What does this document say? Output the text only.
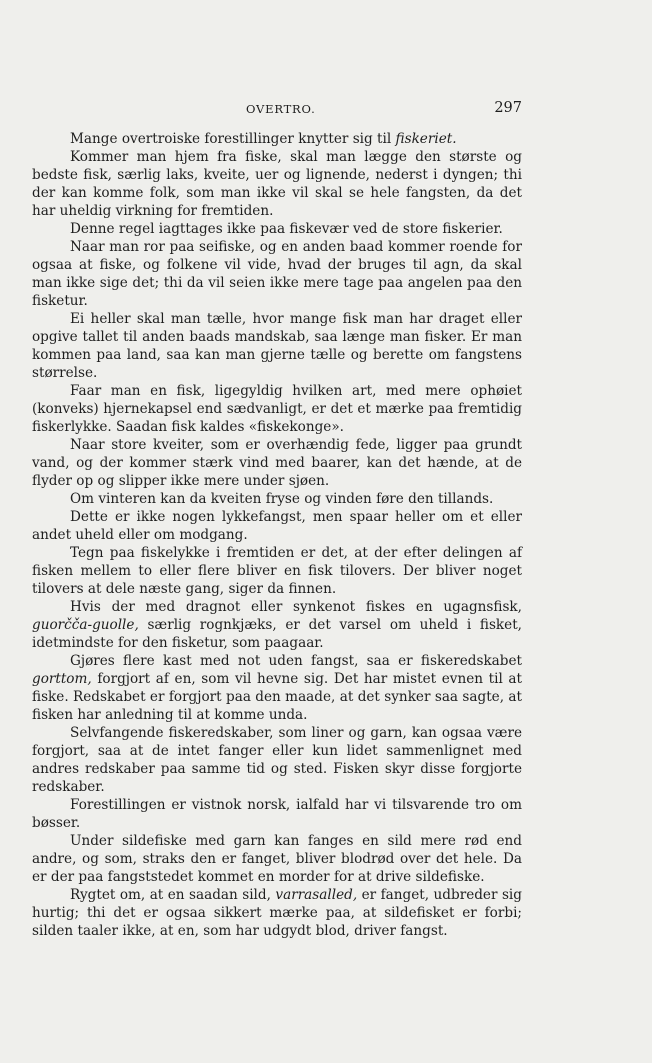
OVERTRO.	297

Mange overtroiske forestillinger knytter sig til fiskeriet.

Kommer man hjem fra fiske, skal man lægge den største og bedste fisk, særlig laks, kveite, uer og lignende, nederst i dyngen; thi der kan komme folk, som man ikke vil skal se hele fangsten, da det har uheldig virkning for fremtiden.

Denne regel iagttages ikke paa fiskevær ved de store fiskerier.

Naar man ror paa seifiske, og en anden baad kommer roende for ogsaa at fiske, og folkene vil vide, hvad der bruges til agn, da skal man ikke sige det; thi da vil seien ikke mere tage paa angelen paa den fisketur.

Ei heller skal man tælle, hvor mange fisk man har draget eller opgive tallet til anden baads mandskab, saa længe man fisker. Er man kommen paa land, saa kan man gjerne tælle og berette om fangstens størrelse.

Faar man en fisk, ligegyldig hvilken art, med mere ophøiet (konveks) hjernekapsel end sædvanligt, er det et mærke paa fremtidig fiskerlykke. Saadan fisk kaldes «fiskekonge».

Naar store kveiter, som er overhændig fede, ligger paa grundt vand, og der kommer stærk vind med baarer, kan det hænde, at de flyder op og slipper ikke mere under sjøen.

Om vinteren kan da kveiten fryse og vinden føre den tillands.

Dette er ikke nogen lykkefangst, men spaar heller om et eller andet uheld eller om modgang.

Tegn paa fiskelykke i fremtiden er det, at der efter delingen af fisken mellem to eller flere bliver en fisk tilovers. Der bliver noget tilovers at dele næste gang, siger da finnen.

Hvis der med dragnot eller synkenot fiskes en ugagnsfisk, guorčča-guolle, særlig rognkjæks, er det varsel om uheld i fisket, idetmindste for den fisketur, som paagaar.

Gjøres flere kast med not uden fangst, saa er fiskeredskabet gorttom, forgjort af en, som vil hevne sig. Det har mistet evnen til at fiske. Redskabet er forgjort paa den maade, at det synker saa sagte, at fisken har anledning til at komme unda.

Selvfangende fiskeredskaber, som liner og garn, kan ogsaa være forgjort, saa at de intet fanger eller kun lidet sammenlignet med andres redskaber paa samme tid og sted. Fisken skyr disse forgjorte redskaber.

Forestillingen er vistnok norsk, ialfald har vi tilsvarende tro om bøsser.

Under sildefiske med garn kan fanges en sild mere rød end andre, og som, straks den er fanget, bliver blodrød over det hele. Da er der paa fangststedet kommet en morder for at drive sildefiske.

Rygtet om, at en saadan sild, varrasalled, er fanget, udbreder sig hurtig; thi det er ogsaa sikkert mærke paa, at sildefisket er forbi; silden taaler ikke, at en, som har udgydt blod, driver fangst.
